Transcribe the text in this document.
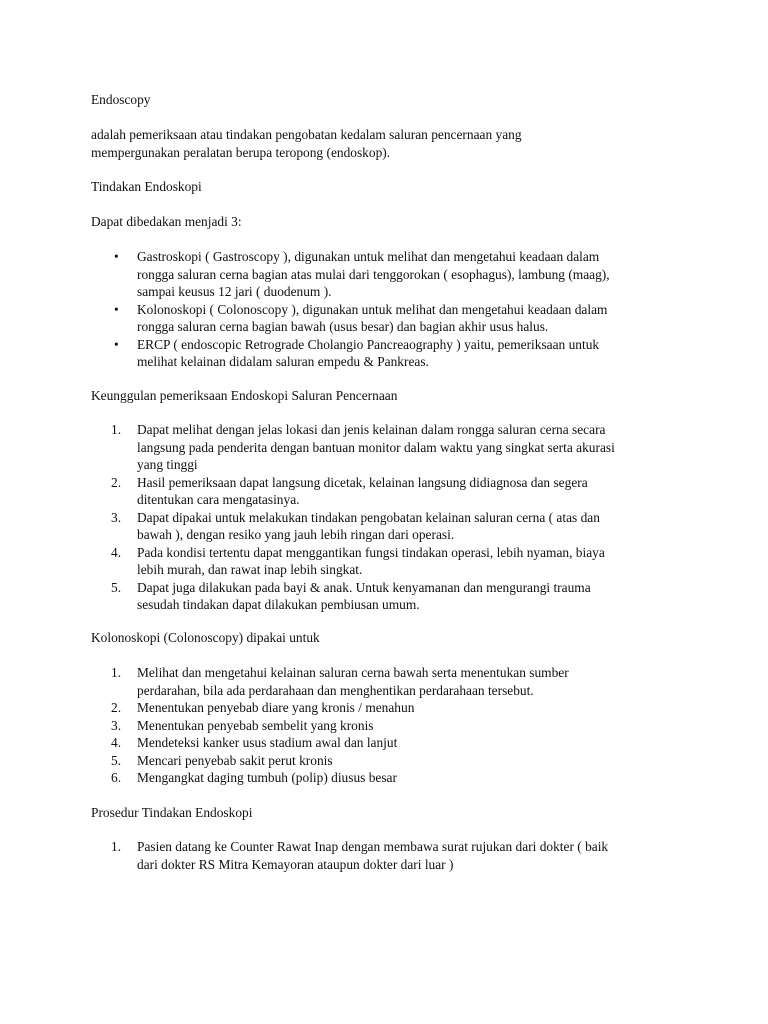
Endoscopy

adalah pemeriksaan atau tindakan pengobatan kedalam saluran pencernaan yang
mempergunakan peralatan berupa teropong (endoskop).

Tindakan Endoskopi

Dapat dibedakan menjadi 3:

• Gastroskopi ( Gastroscopy ), digunakan untuk melihat dan mengetahui keadaan dalam
rongga saluran cerna bagian atas mulai dari tenggorokan ( esophagus), lambung (maag),
sampai keusus 12 jari ( duodenum ).
• Kolonoskopi ( Colonoscopy ), digunakan untuk melihat dan mengetahui keadaan dalam
rongga saluran cerna bagian bawah (usus besar) dan bagian akhir usus halus.
• ERCP ( endoscopic Retrograde Cholangio Pancreaography ) yaitu, pemeriksaan untuk
melihat kelainan didalam saluran empedu & Pankreas.

Keunggulan pemeriksaan Endoskopi Saluran Pencernaan

1.	Dapat melihat dengan jelas lokasi dan jenis kelainan dalam rongga saluran cerna secara
langsung pada penderita dengan bantuan monitor dalam waktu yang singkat serta akurasi
yang tinggi
2.	Hasil pemeriksaan dapat langsung dicetak, kelainan langsung didiagnosa dan segera
ditentukan cara mengatasinya.
3.	Dapat dipakai untuk melakukan tindakan pengobatan kelainan saluran cerna ( atas dan
bawah ), dengan resiko yang jauh lebih ringan dari operasi.
4.	Pada kondisi tertentu dapat menggantikan fungsi tindakan operasi, lebih nyaman, biaya
lebih murah, dan rawat inap lebih singkat.
5.	Dapat juga dilakukan pada bayi & anak. Untuk kenyamanan dan mengurangi trauma
sesudah tindakan dapat dilakukan pembiusan umum.

Kolonoskopi (Colonoscopy) dipakai untuk

1.	Melihat dan mengetahui kelainan saluran cerna bawah serta menentukan sumber
perdarahan, bila ada perdarahaan dan menghentikan perdarahaan tersebut.
2.	Menentukan penyebab diare yang kronis / menahun
3.	Menentukan penyebab sembelit yang kronis
4.	Mendeteksi kanker usus stadium awal dan lanjut
5.	Mencari penyebab sakit perut kronis
6.	Mengangkat daging tumbuh (polip) diusus besar

Prosedur Tindakan Endoskopi

1.	Pasien datang ke Counter Rawat Inap dengan membawa surat rujukan dari dokter ( baik
dari dokter RS Mitra Kemayoran ataupun dokter dari luar )
